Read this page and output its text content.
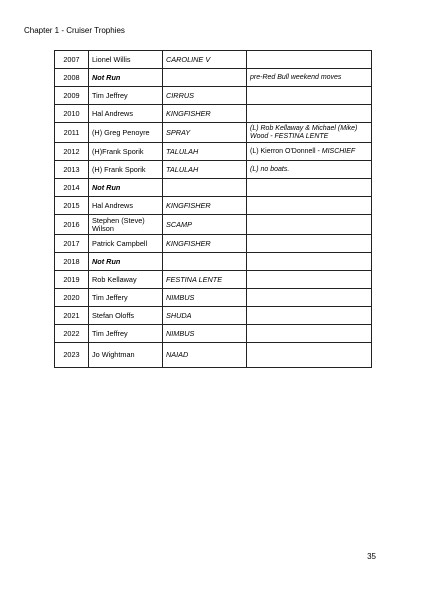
Chapter 1 - Cruiser Trophies
2007	Lionel Willis	CAROLINE V	
2008	Not Run		pre-Red Bull weekend moves
2009	Tim Jeffrey	CIRRUS	
2010	Hal Andrews	KINGFISHER	
2011	(H) Greg Penoyre	SPRAY	(L) Rob Kellaway & Michael (Mike) Wood - FESTINA LENTE
2012	(H)Frank Sporik	TALULAH	(L) Kierron O'Donnell - MISCHIEF
2013	(H) Frank Sporik	TALULAH	(L) no boats.
2014	Not Run		
2015	Hal Andrews	KINGFISHER	
2016	Stephen (Steve) Wilson	SCAMP	
2017	Patrick Campbell	KINGFISHER	
2018	Not Run		
2019	Rob Kellaway	FESTINA LENTE	
2020	Tim Jeffery	NIMBUS	
2021	Stefan Oloffs	SHUDA	
2022	Tim Jeffrey	NIMBUS	
2023	Jo Wightman	NAIAD	
35
